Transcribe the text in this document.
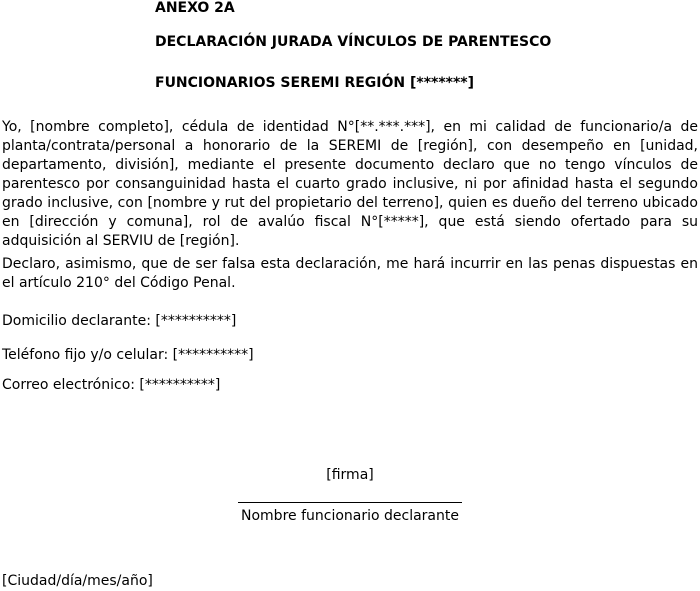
ANEXO 2A
DECLARACIÓN JURADA VÍNCULOS DE PARENTESCO
FUNCIONARIOS SEREMI REGIÓN [*******]

Yo, [nombre completo], cédula de identidad N°[**.***.***], en mi calidad de funcionario/a de planta/contrata/personal a honorario de la SEREMI de [región], con desempeño en [unidad, departamento, división], mediante el presente documento declaro que no tengo vínculos de parentesco por consanguinidad hasta el cuarto grado inclusive, ni por afinidad hasta el segundo grado inclusive, con [nombre y rut del propietario del terreno], quien es dueño del terreno ubicado en [dirección y comuna], rol de avalúo fiscal N°[*****], que está siendo ofertado para su adquisición al SERVIU de [región].

Declaro, asimismo, que de ser falsa esta declaración, me hará incurrir en las penas dispuestas en el artículo 210° del Código Penal.

Domicilio declarante: [**********]
Teléfono fijo y/o celular: [**********]
Correo electrónico: [**********]
[firma]
Nombre funcionario declarante
[Ciudad/día/mes/año]
